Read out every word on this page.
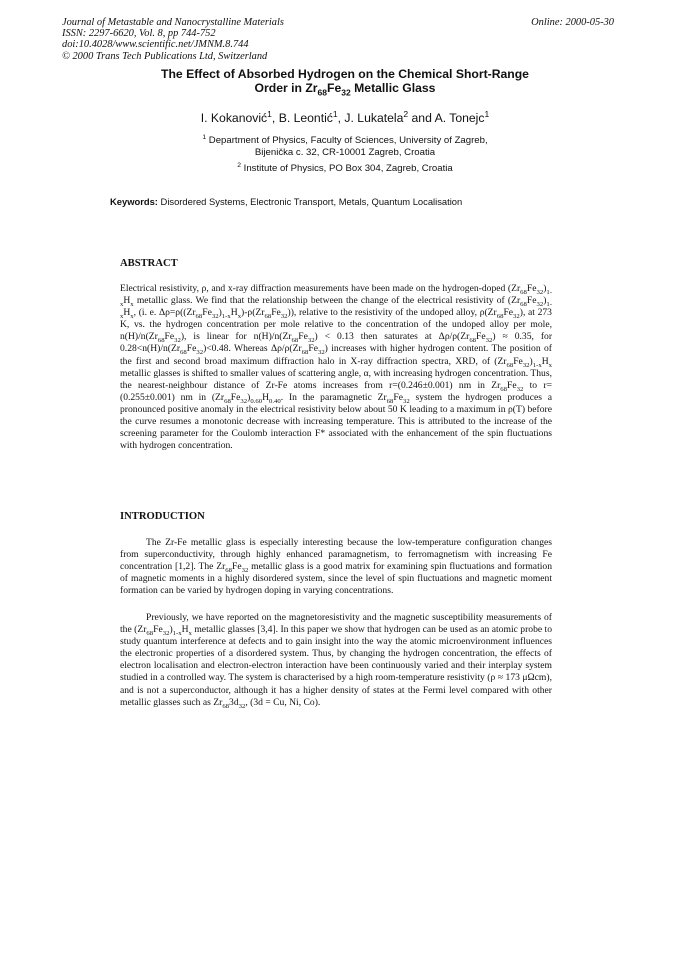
Journal of Metastable and Nanocrystalline Materials
ISSN: 2297-6620, Vol. 8, pp 744-752
doi:10.4028/www.scientific.net/JMNM.8.744
© 2000 Trans Tech Publications Ltd, Switzerland
Online: 2000-05-30
The Effect of Absorbed Hydrogen on the Chemical Short-Range
Order in $Zr_{68}Fe_{32}$ Metallic Glass
I. Kokanović$^1$, B. Leontić$^1$, J. Lukatela$^2$ and A. Tonejc$^1$
$^1$ Department of Physics, Faculty of Sciences, University of Zagreb,
Bijenička c. 32, CR-10001 Zagreb, Croatia
$^2$ Institute of Physics, PO Box 304, Zagreb, Croatia
Keywords: Disordered Systems, Electronic Transport, Metals, Quantum Localisation
ABSTRACT
Electrical resistivity, ρ, and x-ray diffraction measurements have been made on the hydrogen-doped $(Zr_{68}Fe_{32})_{1-x}H_x$ metallic glass. We find that the relationship between the change of the electrical resistivity of $(Zr_{68}Fe_{32})_{1-x}H_x$, (i. e. $\Delta\rho=\rho((Zr_{68}Fe_{32})_{1-x}H_x)-\rho(Zr_{68}Fe_{32})$), relative to the resistivity of the undoped alloy, $\rho(Zr_{68}Fe_{32})$, at 273 K, vs. the hydrogen concentration per mole relative to the concentration of the undoped alloy per mole, $n(H)/n(Zr_{68}Fe_{32})$, is linear for $n(H)/n(Zr_{68}Fe_{32}) < 0.13$ then saturates at $\Delta\rho/\rho(Zr_{68}Fe_{32}) \approx 0.35$, for $0.28<n(H)/n(Zr_{68}Fe_{32})<0.48$. Whereas $\Delta\rho/\rho(Zr_{68}Fe_{32})$ increases with higher hydrogen content. The position of the first and second broad maximum diffraction halo in X-ray diffraction spectra, XRD, of $(Zr_{68}Fe_{32})_{1-x}H_x$ metallic glasses is shifted to smaller values of scattering angle, α, with increasing hydrogen concentration. Thus, the nearest-neighbour distance of Zr-Fe atoms increases from r=(0.246±0.001) nm in $Zr_{68}Fe_{32}$ to r=(0.255±0.001) nm in $(Zr_{68}Fe_{32})_{0.60}H_{0.40}$. In the paramagnetic $Zr_{68}Fe_{32}$ system the hydrogen produces a pronounced positive anomaly in the electrical resistivity below about 50 K leading to a maximum in ρ(T) before the curve resumes a monotonic decrease with increasing temperature. This is attributed to the increase of the screening parameter for the Coulomb interaction F* associated with the enhancement of the spin fluctuations with hydrogen concentration.
INTRODUCTION
The Zr-Fe metallic glass is especially interesting because the low-temperature configuration changes from superconductivity, through highly enhanced paramagnetism, to ferromagnetism with increasing Fe concentration [1,2]. The $Zr_{68}Fe_{32}$ metallic glass is a good matrix for examining spin fluctuations and formation of magnetic moments in a highly disordered system, since the level of spin fluctuations and magnetic moment formation can be varied by hydrogen doping in varying concentrations.
Previously, we have reported on the magnetoresistivity and the magnetic susceptibility measurements of the $(Zr_{68}Fe_{32})_{1-x}H_x$ metallic glasses [3,4]. In this paper we show that hydrogen can be used as an atomic probe to study quantum interference at defects and to gain insight into the way the atomic microenvironment influences the electronic properties of a disordered system. Thus, by changing the hydrogen concentration, the effects of electron localisation and electron-electron interaction have been continuously varied and their interplay system studied in a controlled way. The system is characterised by a high room-temperature resistivity (ρ ≈ 173 μΩcm), and is not a superconductor, although it has a higher density of states at the Fermi level compared with other metallic glasses such as $Zr_{68}3d_{32}$, (3d = Cu, Ni, Co).
